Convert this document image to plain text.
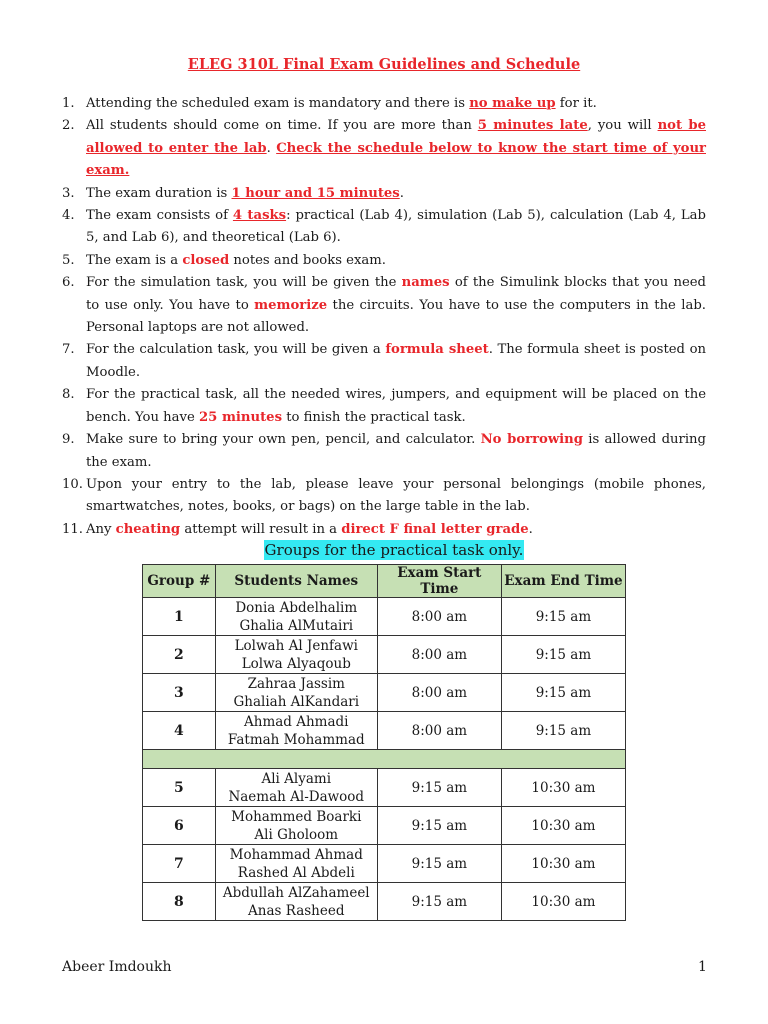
ELEG 310L Final Exam Guidelines and Schedule
1. Attending the scheduled exam is mandatory and there is no make up for it.
2. All students should come on time. If you are more than 5 minutes late, you will not be allowed to enter the lab. Check the schedule below to know the start time of your exam.
3. The exam duration is 1 hour and 15 minutes.
4. The exam consists of 4 tasks: practical (Lab 4), simulation (Lab 5), calculation (Lab 4, Lab 5, and Lab 6), and theoretical (Lab 6).
5. The exam is a closed notes and books exam.
6. For the simulation task, you will be given the names of the Simulink blocks that you need to use only. You have to memorize the circuits. You have to use the computers in the lab. Personal laptops are not allowed.
7. For the calculation task, you will be given a formula sheet. The formula sheet is posted on Moodle.
8. For the practical task, all the needed wires, jumpers, and equipment will be placed on the bench. You have 25 minutes to finish the practical task.
9. Make sure to bring your own pen, pencil, and calculator. No borrowing is allowed during the exam.
10. Upon your entry to the lab, please leave your personal belongings (mobile phones, smartwatches, notes, books, or bags) on the large table in the lab.
11. Any cheating attempt will result in a direct F final letter grade.
Groups for the practical task only.
Group #	Students Names	Exam Start Time	Exam End Time
1	Donia Abdelhalim
Ghalia AlMutairi	8:00 am	9:15 am
2	Lolwah Al Jenfawi
Lolwa Alyaqoub	8:00 am	9:15 am
3	Zahraa Jassim
Ghaliah AlKandari	8:00 am	9:15 am
4	Ahmad Ahmadi
Fatmah Mohammad	8:00 am	9:15 am

5	Ali Alyami
Naemah Al-Dawood	9:15 am	10:30 am
6	Mohammed Boarki
Ali Gholoom	9:15 am	10:30 am
7	Mohammad Ahmad
Rashed Al Abdeli	9:15 am	10:30 am
8	Abdullah AlZahameel
Anas Rasheed	9:15 am	10:30 am
Abeer Imdoukh	1
